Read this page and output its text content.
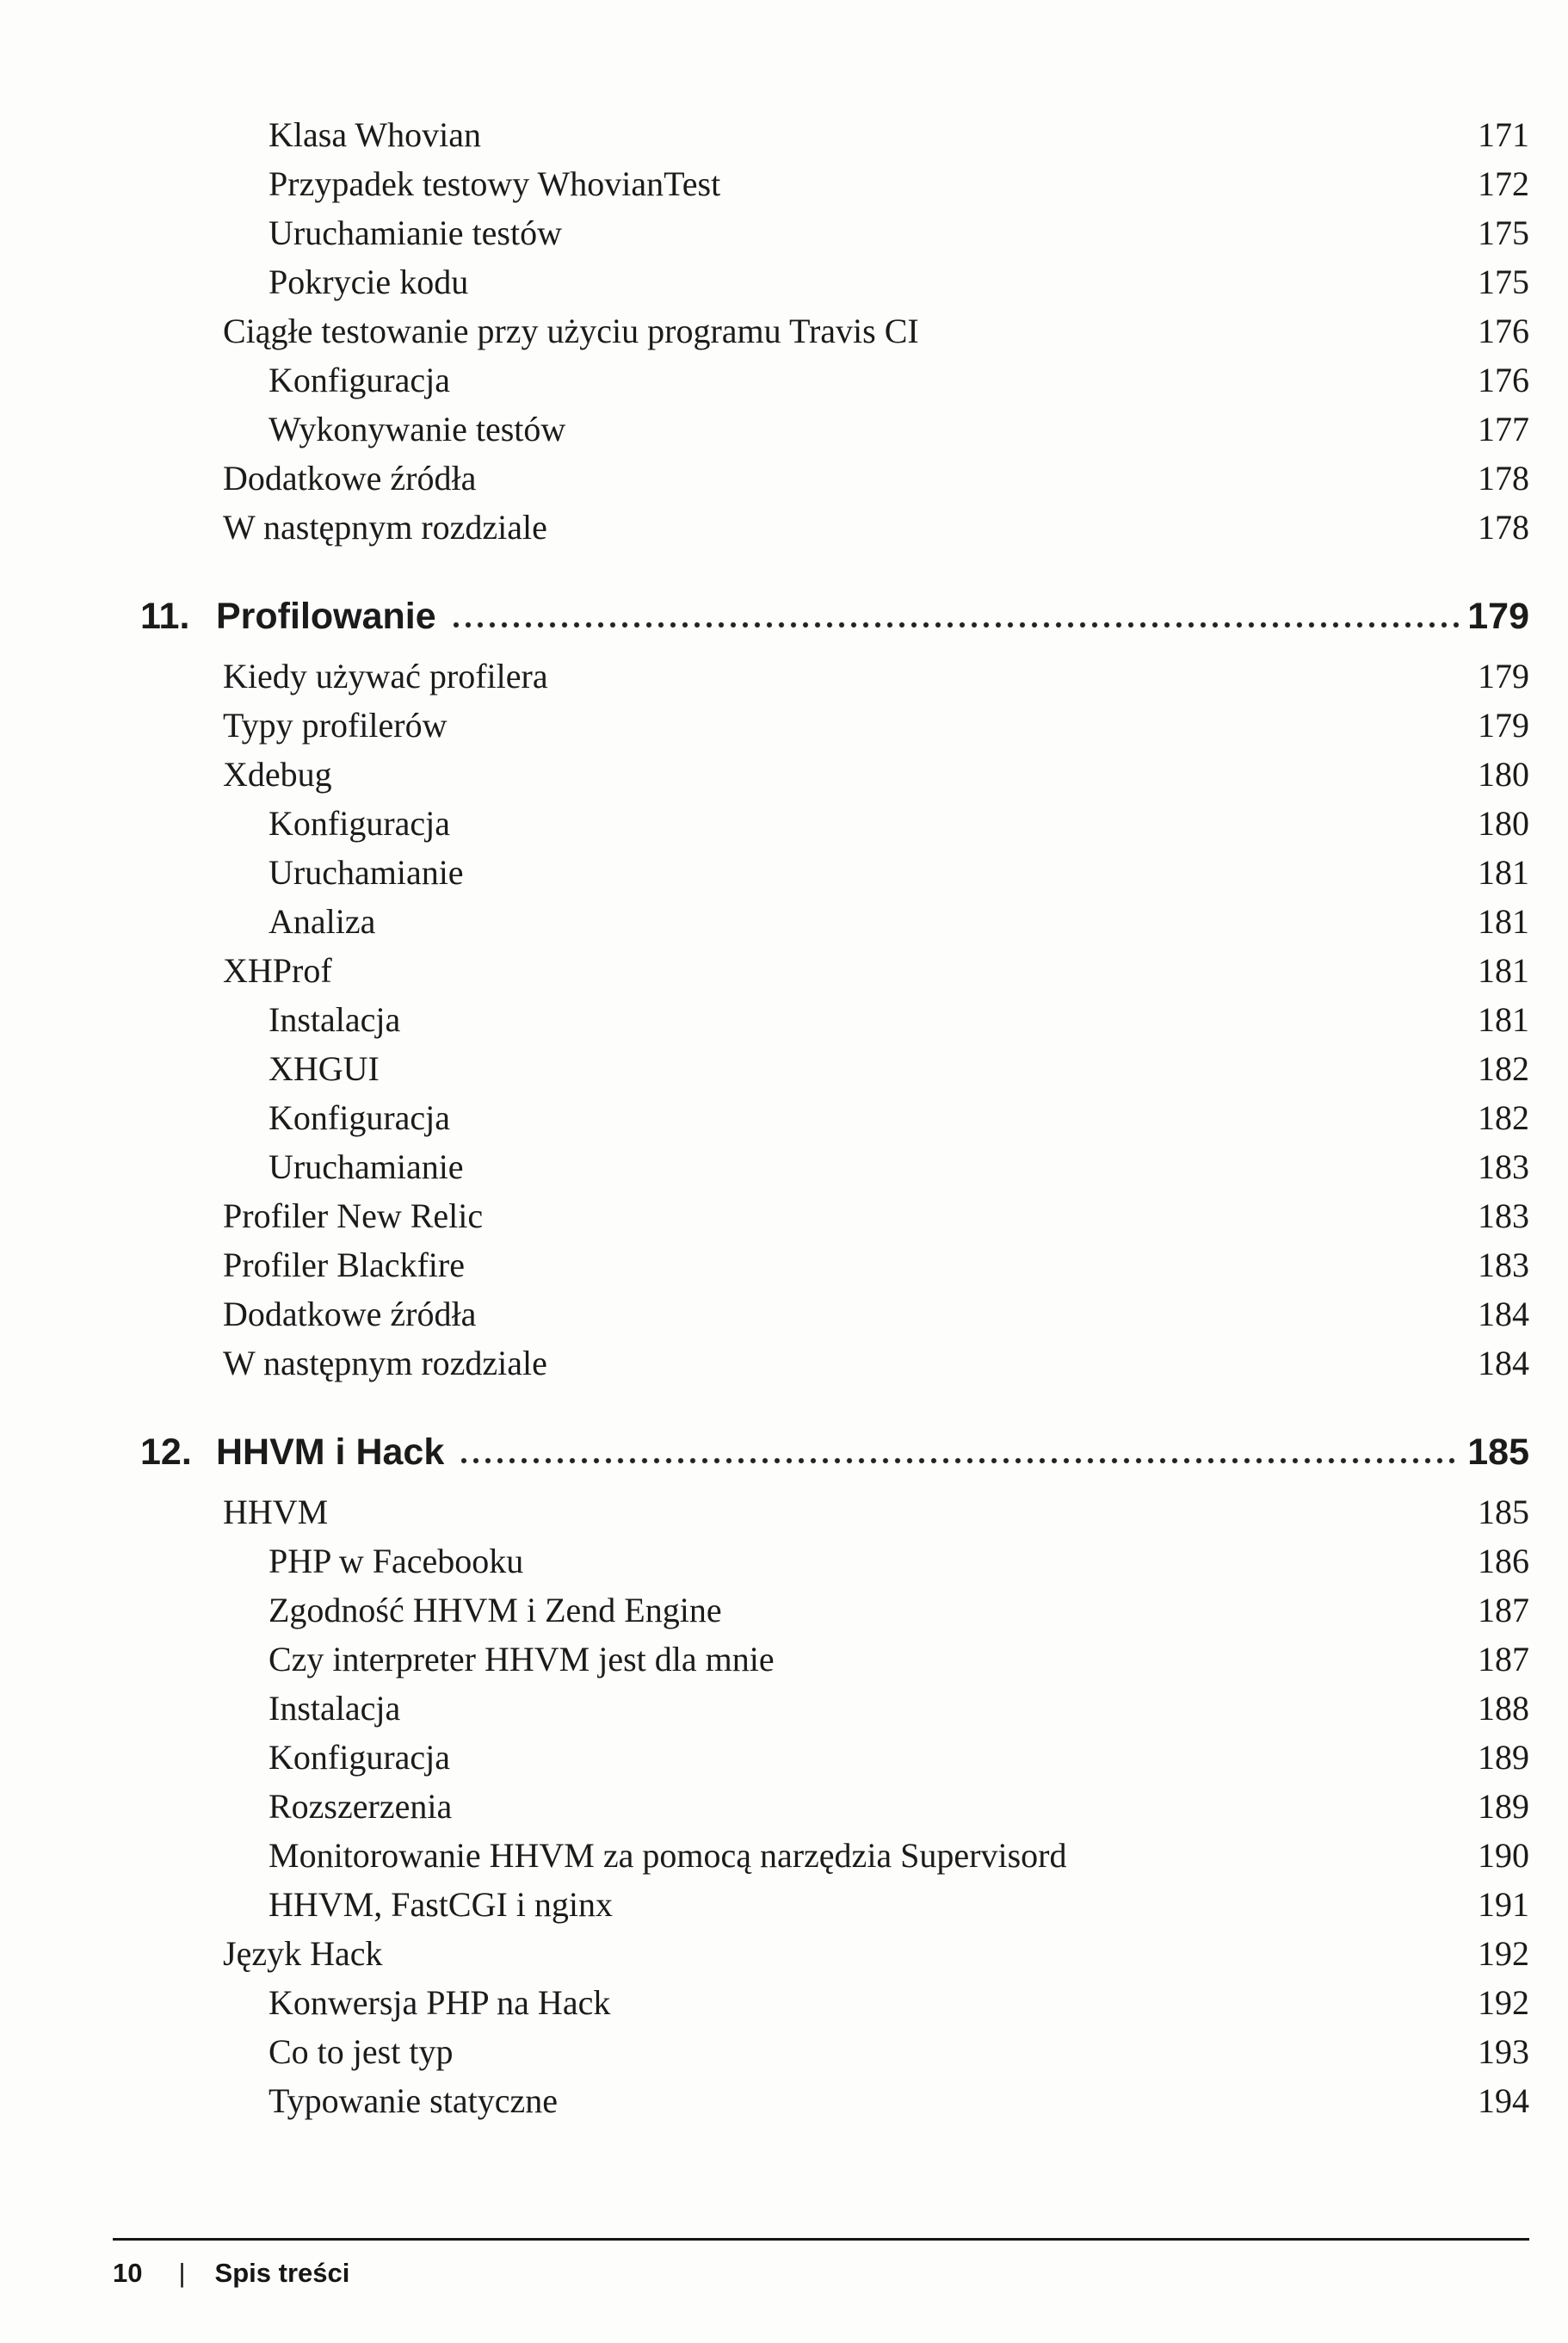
Klasa Whovian	171
Przypadek testowy WhovianTest	172
Uruchamianie testów	175
Pokrycie kodu	175
Ciągłe testowanie przy użyciu programu Travis CI	176
Konfiguracja	176
Wykonywanie testów	177
Dodatkowe źródła	178
W następnym rozdziale	178
11. Profilowanie	179
Kiedy używać profilera	179
Typy profilerów	179
Xdebug	180
Konfiguracja	180
Uruchamianie	181
Analiza	181
XHProf	181
Instalacja	181
XHGUI	182
Konfiguracja	182
Uruchamianie	183
Profiler New Relic	183
Profiler Blackfire	183
Dodatkowe źródła	184
W następnym rozdziale	184
12. HHVM i Hack	185
HHVM	185
PHP w Facebooku	186
Zgodność HHVM i Zend Engine	187
Czy interpreter HHVM jest dla mnie	187
Instalacja	188
Konfiguracja	189
Rozszerzenia	189
Monitorowanie HHVM za pomocą narzędzia Supervisord	190
HHVM, FastCGI i nginx	191
Język Hack	192
Konwersja PHP na Hack	192
Co to jest typ	193
Typowanie statyczne	194
10 | Spis treści
